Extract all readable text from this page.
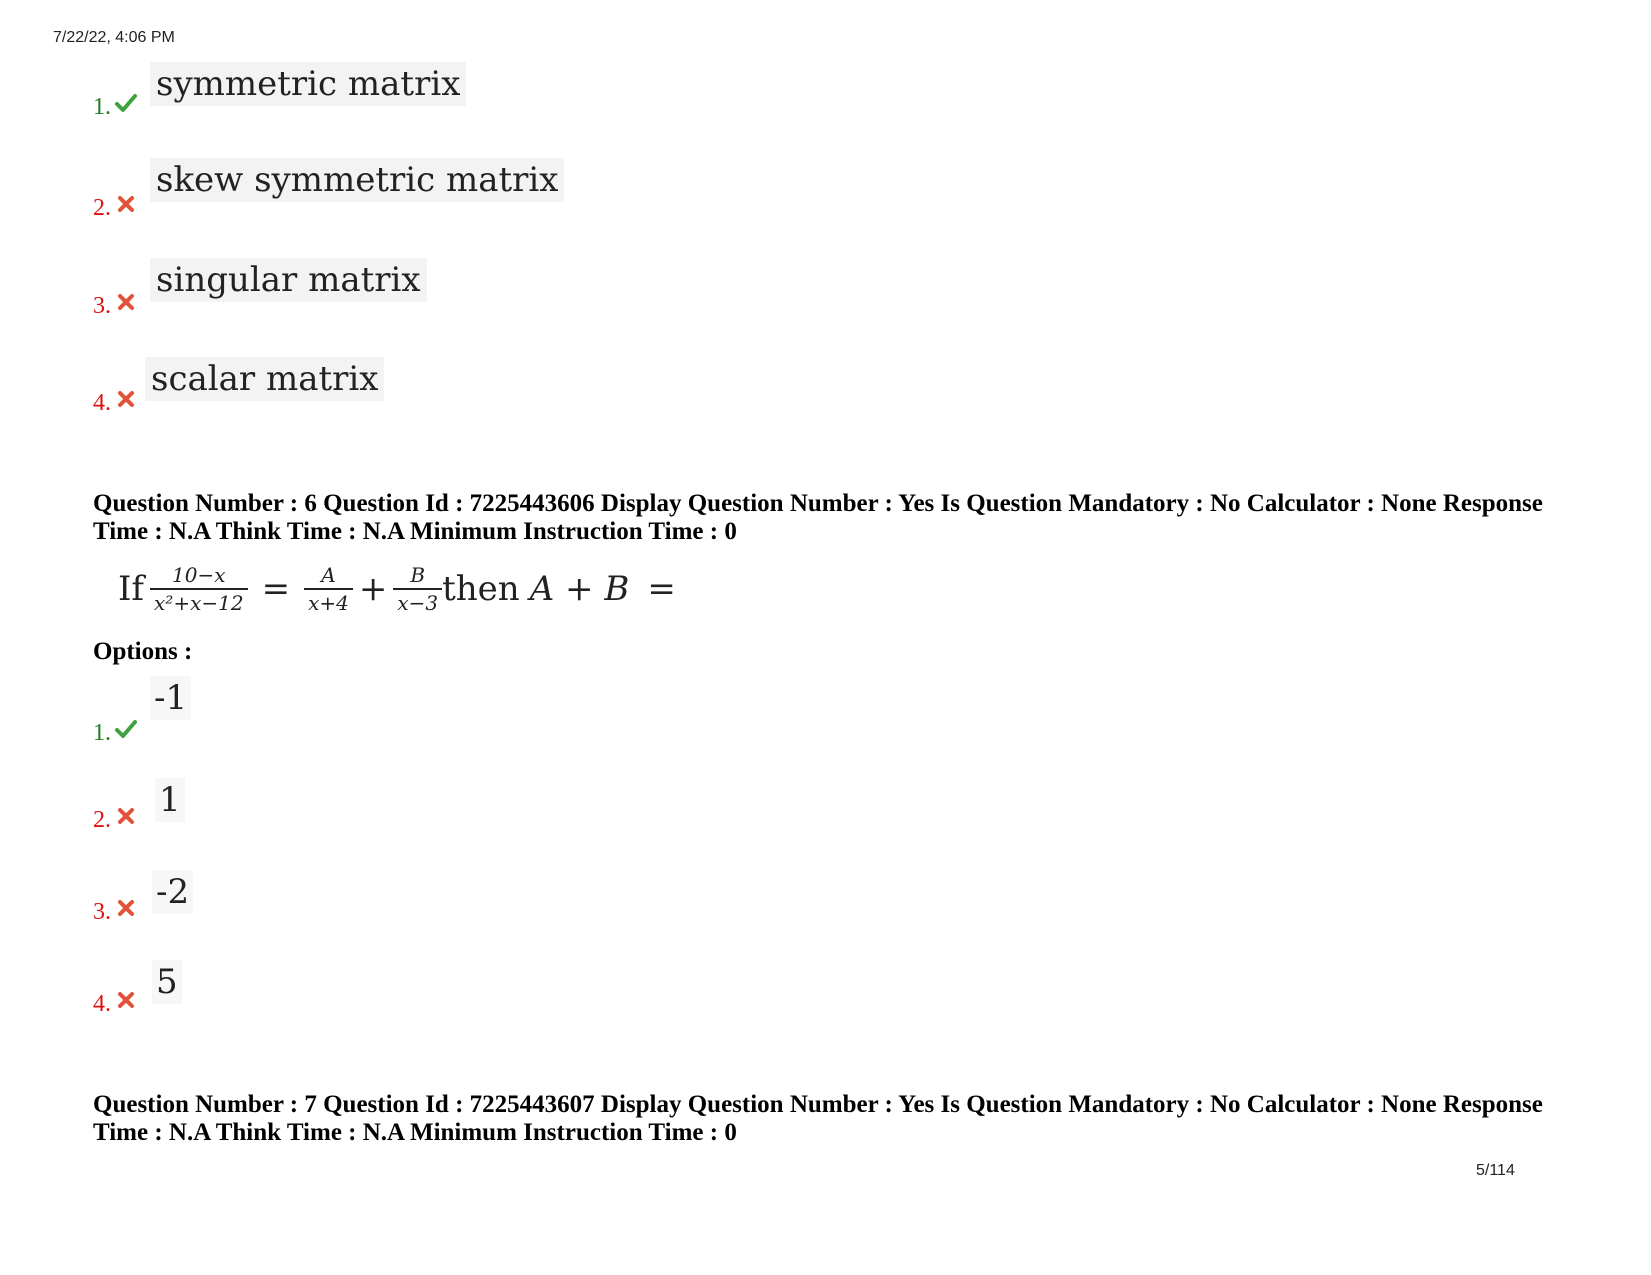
7/22/22, 4:06 PM
1.
symmetric matrix
2.
skew symmetric matrix
3.
singular matrix
4.
scalar matrix
Question Number : 6 Question Id : 7225443606 Display Question Number : Yes Is Question Mandatory : No Calculator : None Response Time : N.A Think Time : N.A Minimum Instruction Time : 0
If $\frac{10-x}{\text{x²+x−12}} = \frac{A}{x+4} + \frac{B}{x-3}$ then A + B =
Options :
1.
-1
2.	1
3.	-2
4.
5
Question Number : 7 Question Id : 7225443607 Display Question Number : Yes Is Question Mandatory : No Calculator : None Response Time : N.A Think Time : N.A Minimum Instruction Time : 0
5/114
